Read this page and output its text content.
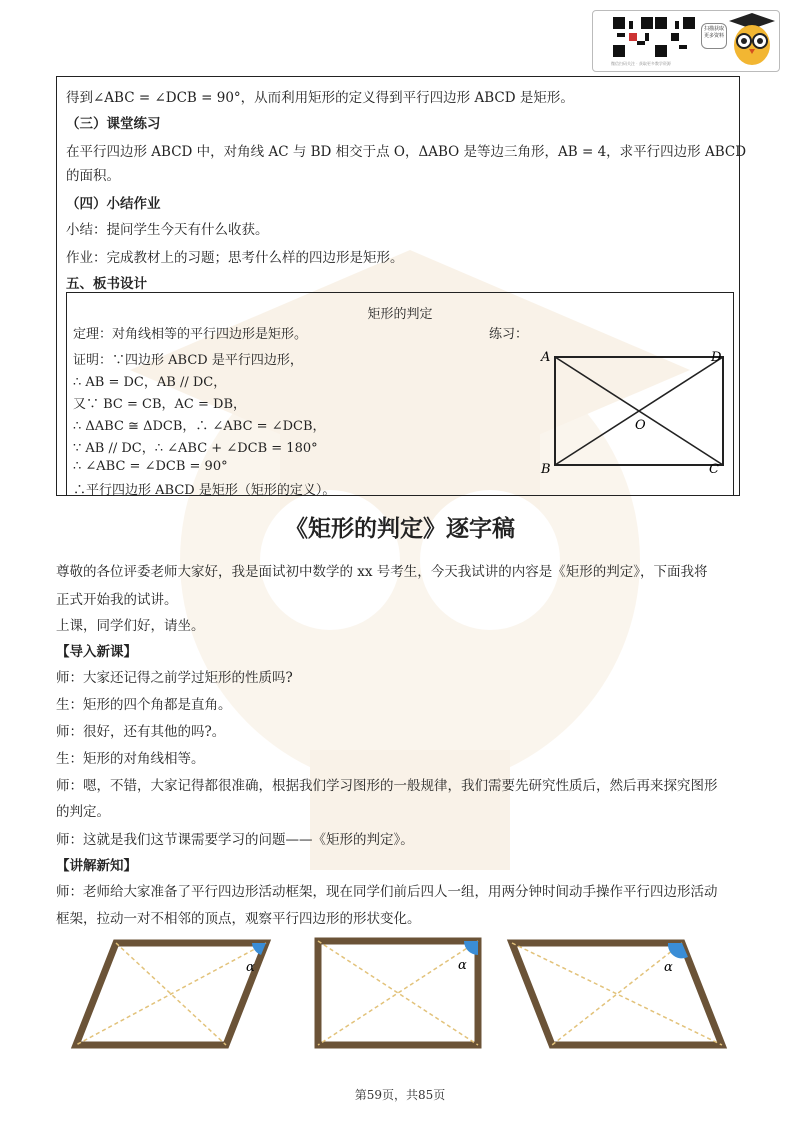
扫描获取更多资料
微信扫码关注 · 获取更多教学资源
得到∠ABC = ∠DCB = 90°，从而利用矩形的定义得到平行四边形 ABCD 是矩形。
（三）课堂练习
在平行四边形 ABCD 中，对角线 AC 与 BD 相交于点 O，ΔABO 是等边三角形，AB = 4，求平行四边形 ABCD
的面积。
（四）小结作业
小结：提问学生今天有什么收获。
作业：完成教材上的习题；思考什么样的四边形是矩形。
五、板书设计
矩形的判定
定理：对角线相等的平行四边形是矩形。	练习：
证明：∵四边形 ABCD 是平行四边形，
∴ AB = DC，AB // DC，
又∵ BC = CB，AC = DB，
∴ ΔABC ≅ ΔDCB，∴ ∠ABC = ∠DCB，
∵ AB // DC，∴ ∠ABC + ∠DCB = 180°
∴ ∠ABC = ∠DCB = 90°
∴平行四边形 ABCD 是矩形（矩形的定义）。
A
B	C
D
O
《矩形的判定》逐字稿
尊敬的各位评委老师大家好，我是面试初中数学的 xx 号考生，今天我试讲的内容是《矩形的判定》，下面我将
正式开始我的试讲。
上课，同学们好，请坐。
【导入新课】
师：大家还记得之前学过矩形的性质吗?
生：矩形的四个角都是直角。
师：很好，还有其他的吗?。
生：矩形的对角线相等。
师：嗯，不错，大家记得都很准确，根据我们学习图形的一般规律，我们需要先研究性质后，然后再来探究图形
的判定。
师：这就是我们这节课需要学习的问题——《矩形的判定》。
【讲解新知】
师：老师给大家准备了平行四边形活动框架，现在同学们前后四人一组，用两分钟时间动手操作平行四边形活动
框架，拉动一对不相邻的顶点，观察平行四边形的形状变化。
α	α	α
第59页，共85页
